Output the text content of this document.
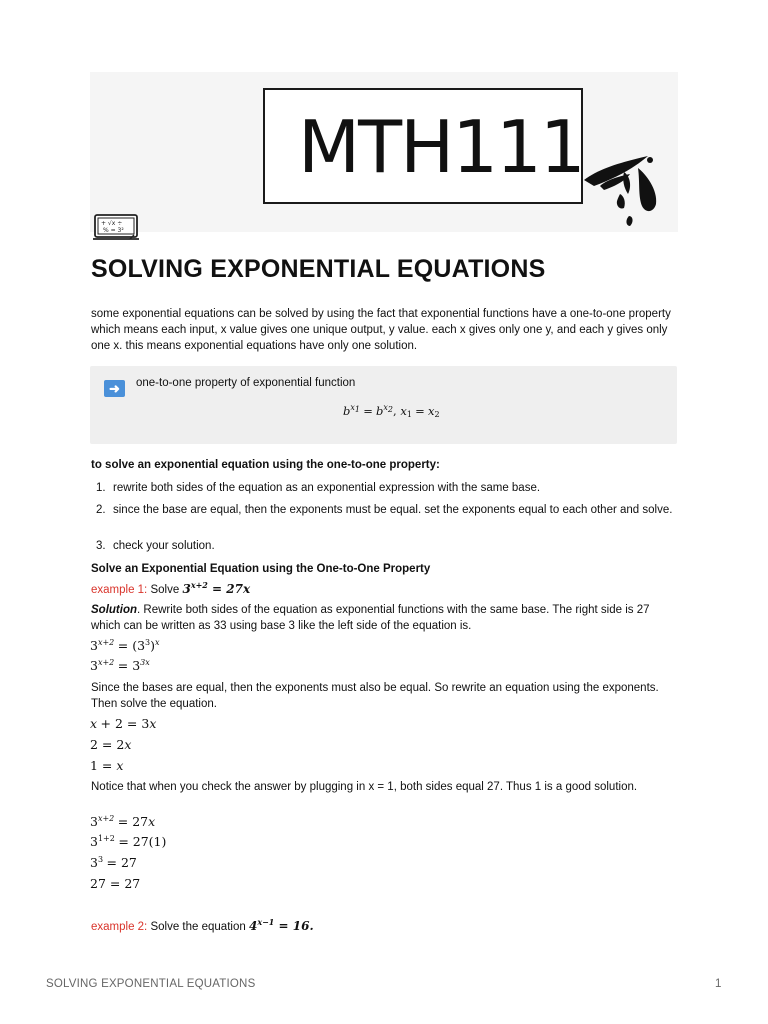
MTH111
+ √x ÷
% = 3²
SOLVING EXPONENTIAL EQUATIONS

some exponential equations can be solved by using the fact that exponential functions have a one-to-one property which means each input, x value gives one unique output, y value. each x gives only one y, and each y gives only one x. this means exponential equations have only one solution.

➜	one-to-one property of exponential function
$b^{x_1} = b^{x_2}$, $x_1 = x_2$
to solve an exponential equation using the one-to-one property:
1. rewrite both sides of the equation as an exponential expression with the same base.
2. since the base are equal, then the exponents must be equal. set the exponents equal to each other and solve.
3. check your solution.
Solve an Exponential Equation using the One-to-One Property
example 1: Solve $3^{x+2} = 27x$

Solution. Rewrite both sides of the equation as exponential functions with the same base. The right side is 27 which can be written as 33 using base 3 like the left side of the equation is.

$3^{x+2} = (3^3)^x$
$3^{x+2} = 3^{3x}$

Since the bases are equal, then the exponents must also be equal. So rewrite an equation using the exponents. Then solve the equation.

x + 2 = 3x
2 = 2x
1 = x

Notice that when you check the answer by plugging in x = 1, both sides equal 27. Thus 1 is a good solution.

$3^{x+2} = 27x$
$3^{1+2} = 27(1)$
$3^3 = 27$
27 = 27
example 2: Solve the equation $4^{x-1} = 16$.
SOLVING EXPONENTIAL EQUATIONS	1
